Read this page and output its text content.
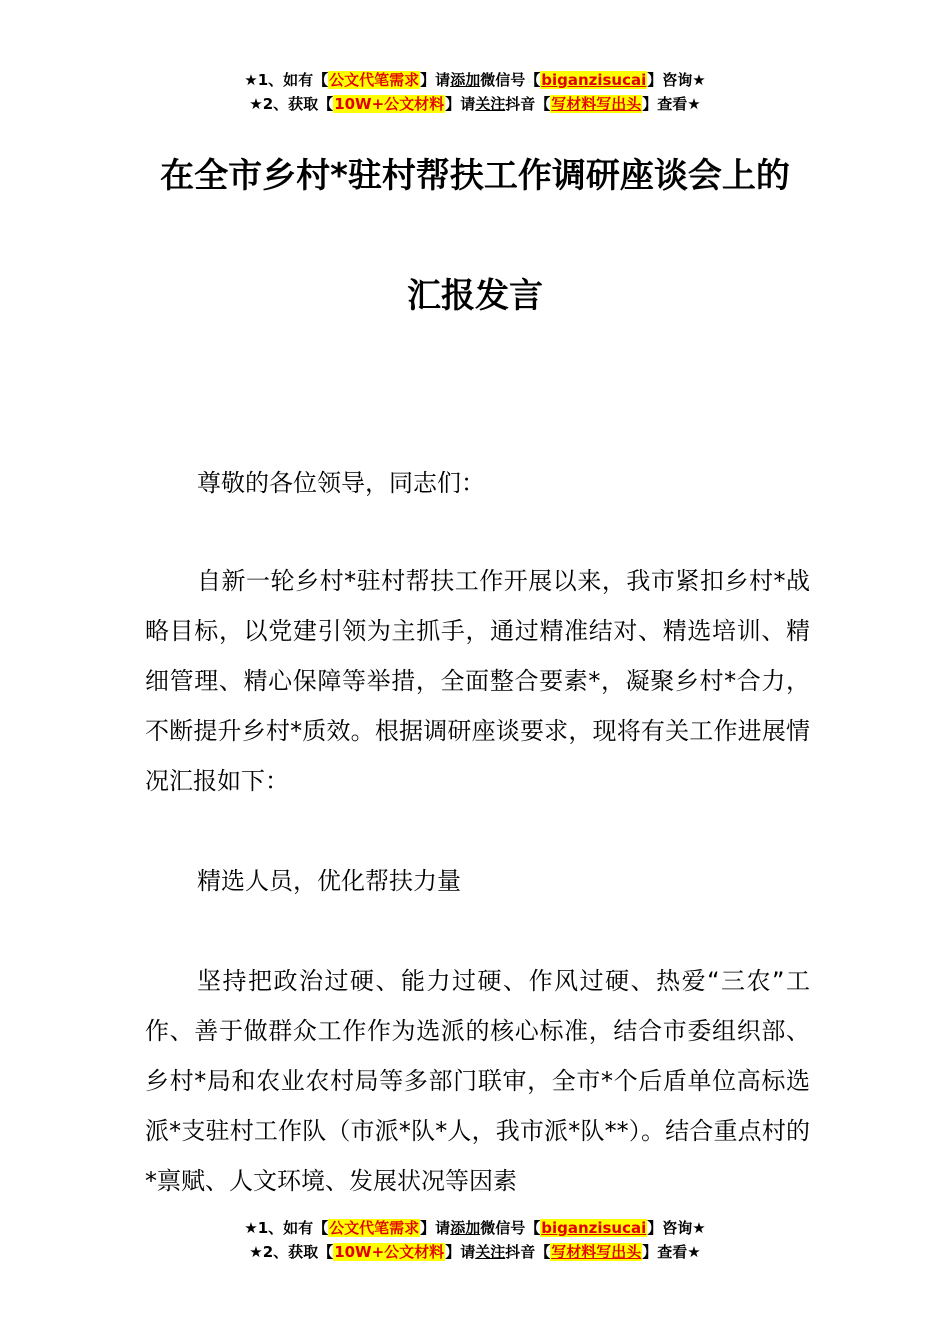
★1、如有【公文代笔需求】请添加微信号【biganzisucai】咨询★
★2、获取【10W+公文材料】请关注抖音【写材料写出头】查看★
在全市乡村*驻村帮扶工作调研座谈会上的
汇报发言

尊敬的各位领导，同志们：

自新一轮乡村*驻村帮扶工作开展以来，我市紧扣乡村*战略目标，以党建引领为主抓手，通过精准结对、精选培训、精细管理、精心保障等举措，全面整合要素*，凝聚乡村*合力，不断提升乡村*质效。根据调研座谈要求，现将有关工作进展情况汇报如下：

精选人员，优化帮扶力量

坚持把政治过硬、能力过硬、作风过硬、热爱“三农”工作、善于做群众工作作为选派的核心标准，结合市委组织部、乡村*局和农业农村局等多部门联审，全市*个后盾单位高标选派*支驻村工作队（市派*队*人，我市派*队**）。结合重点村的*禀赋、人文环境、发展状况等因素

★1、如有【公文代笔需求】请添加微信号【biganzisucai】咨询★
★2、获取【10W+公文材料】请关注抖音【写材料写出头】查看★
